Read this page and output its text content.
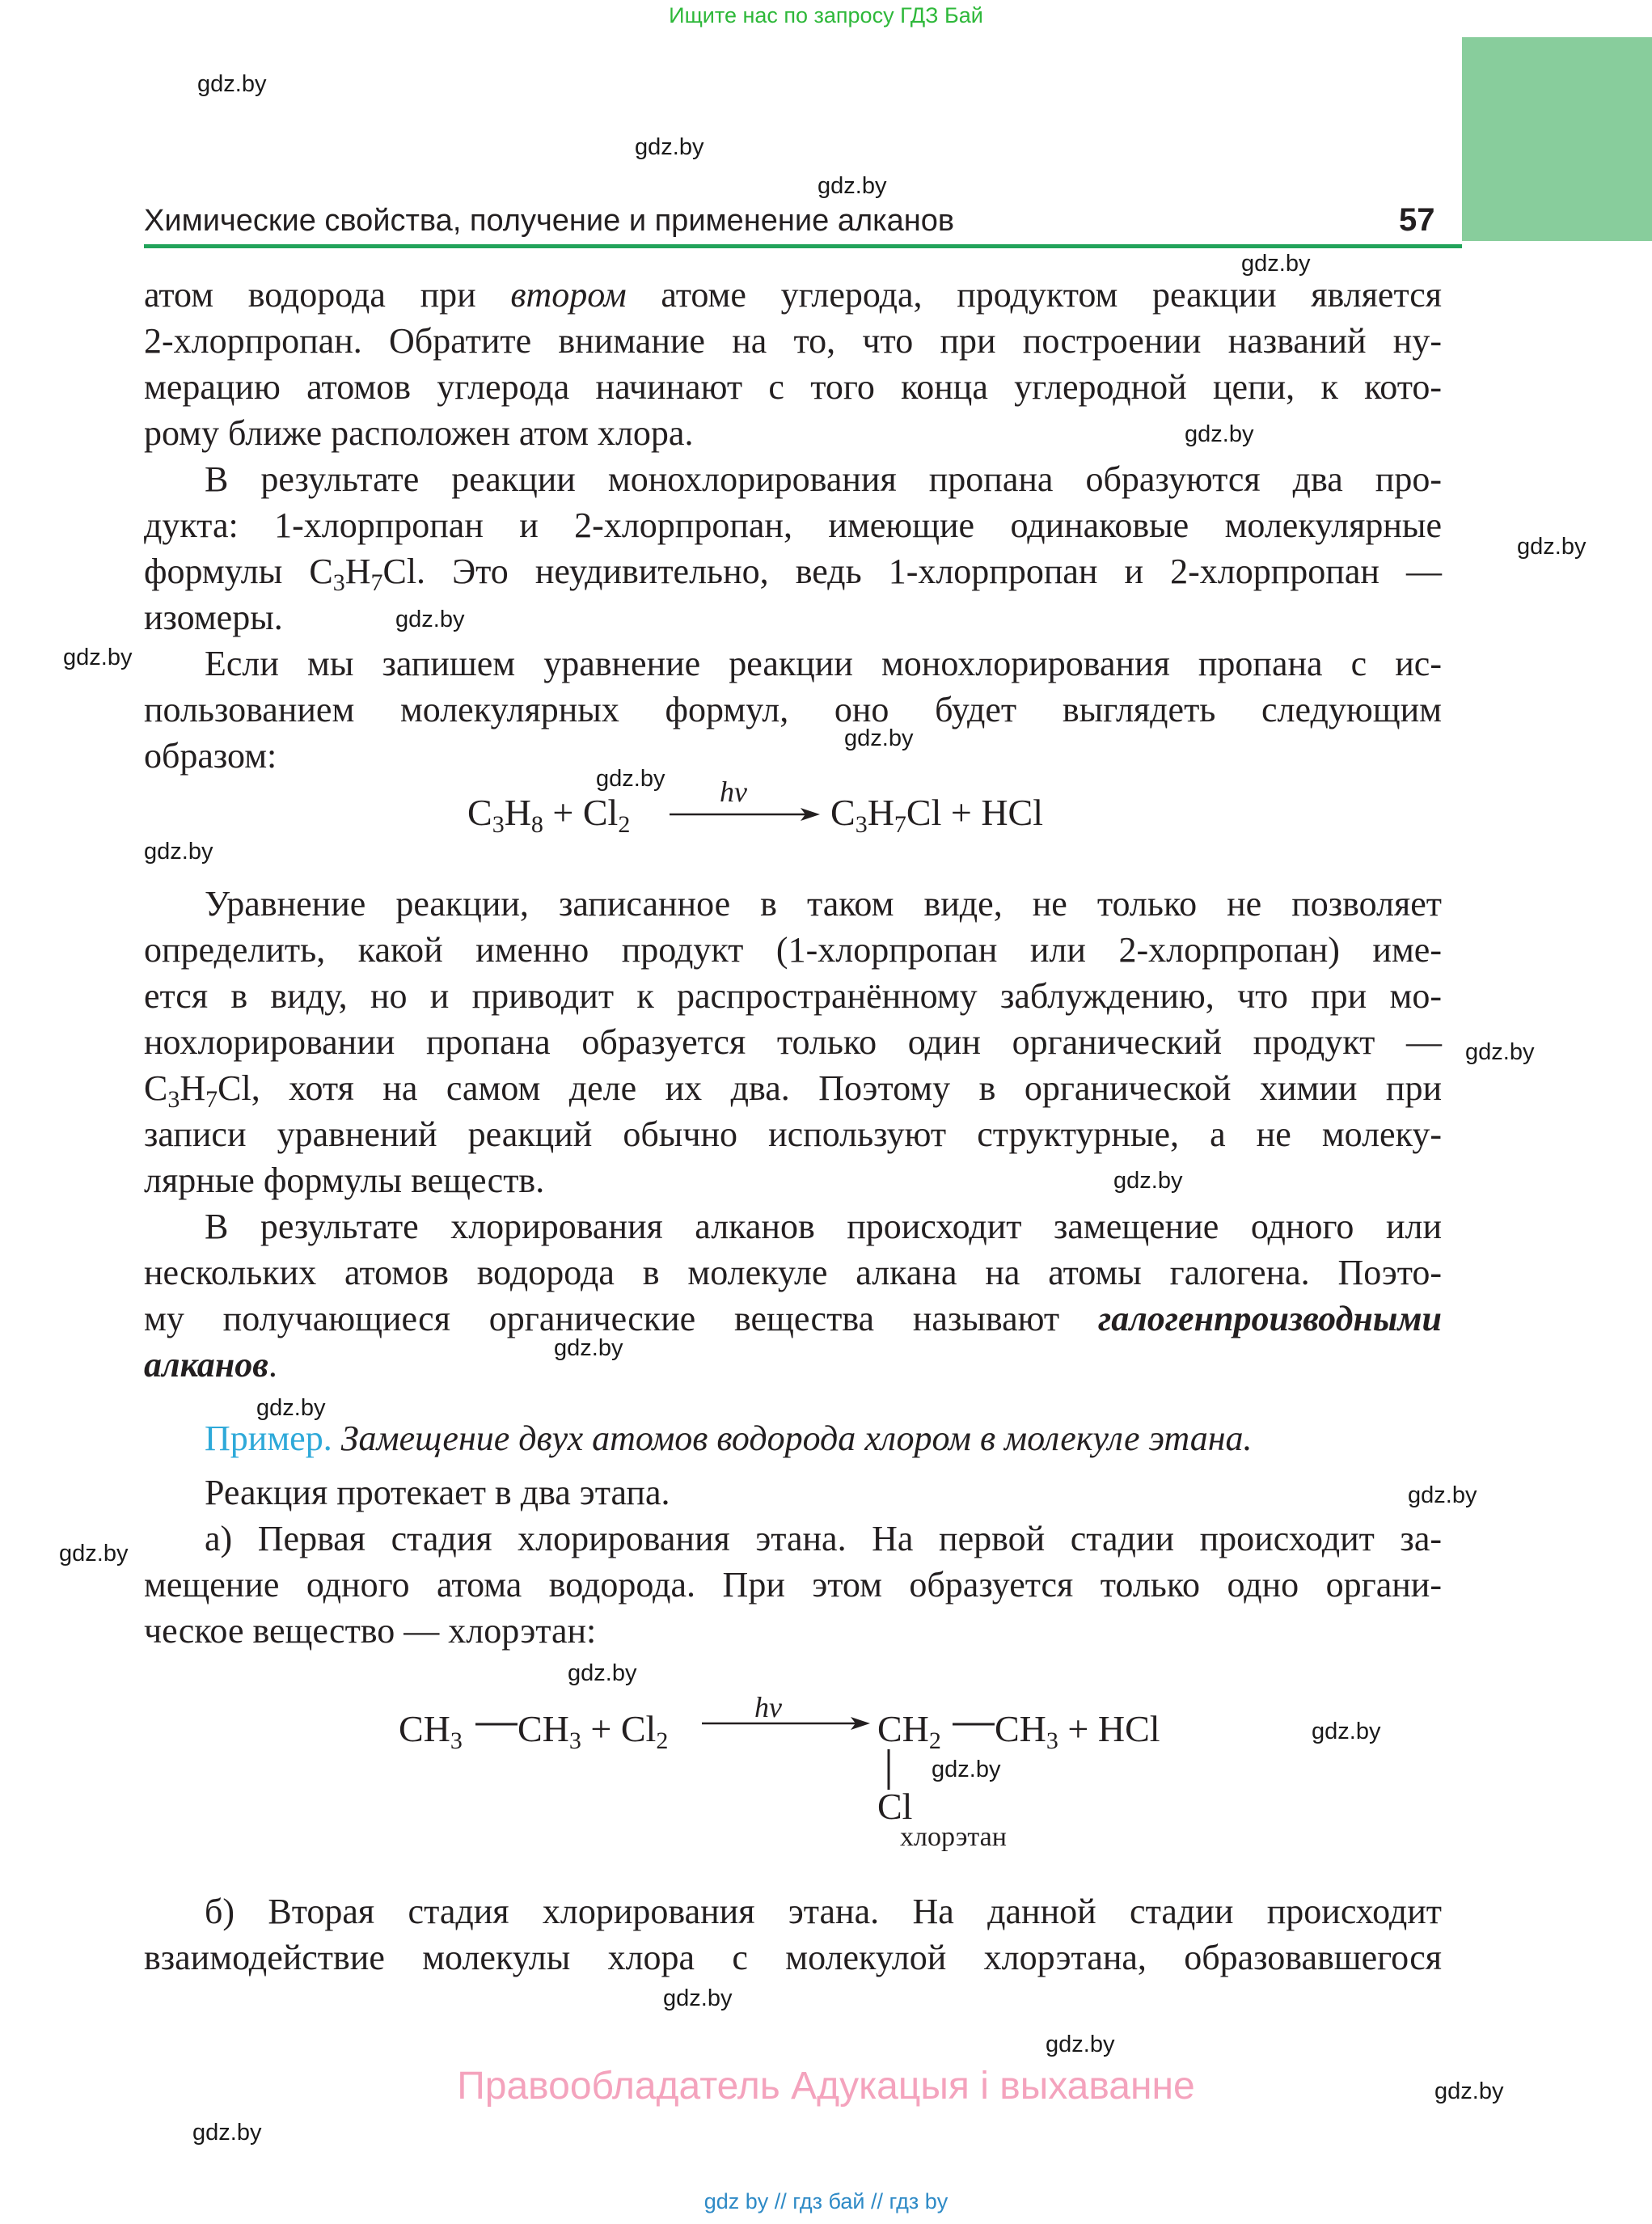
Ищите нас по запросу ГДЗ Бай
Химические свойства, получение и применение алканов	57
gdz.by
gdz.by
gdz.by
gdz.by
gdz.by
gdz.by
gdz.by
gdz.by
gdz.by
gdz.by
gdz.by
gdz.by
gdz.by
gdz.by
gdz.by
gdz.by
gdz.by
gdz.by
gdz.by
gdz.by
gdz.by
gdz.by
gdz.by
gdz.by
атом водорода при втором атоме углерода, продуктом реакции является
2-хлорпропан. Обратите внимание на то, что при построении названий ну-
мерацию атомов углерода начинают с того конца углеродной цепи, к кото-
рому ближе расположен атом хлора.
В результате реакции монохлорирования пропана образуются два про-
дукта: 1-хлорпропан и 2-хлорпропан, имеющие одинаковые молекулярные
формулы $C_3H_7Cl$. Это неудивительно, ведь 1-хлорпропан и 2-хлорпропан —
изомеры.
Если мы запишем уравнение реакции монохлорирования пропана с ис-
пользованием молекулярных формул, оно будет выглядеть следующим
образом:
$C_3H_8 + Cl_2$
hν $C_3H_7Cl$ + HCl
Уравнение реакции, записанное в таком виде, не только не позволяет
определить, какой именно продукт (1-хлорпропан или 2-хлорпропан) име-
ется в виду, но и приводит к распространённому заблуждению, что при мо-
нохлорировании пропана образуется только один органический продукт —
$C_3H_7Cl$, хотя на самом деле их два. Поэтому в органической химии при
записи уравнений реакций обычно используют структурные, а не молеку-
лярные формулы веществ.
В результате хлорирования алканов происходит замещение одного или
нескольких атомов водорода в молекуле алкана на атомы галогена. Поэто-
му получающиеся органические вещества называют галогенпроизводными
алканов.
Пример. Замещение двух атомов водорода хлором в молекуле этана.
Реакция протекает в два этапа.
а) Первая стадия хлорирования этана. На первой стадии происходит за-
мещение одного атома водорода. При этом образуется только одно органи-
ческое вещество — хлорэтан:
$CH_3$ $CH_3 + Cl_2$
hν
$CH_2$ $CH_3$ + HCl
Cl
хлорэтан
б) Вторая стадия хлорирования этана. На данной стадии происходит
взаимодействие молекулы хлора с молекулой хлорэтана, образовавшегося
Правообладатель Адукацыя і выхаванне
gdz by // гдз бай // гдз by
